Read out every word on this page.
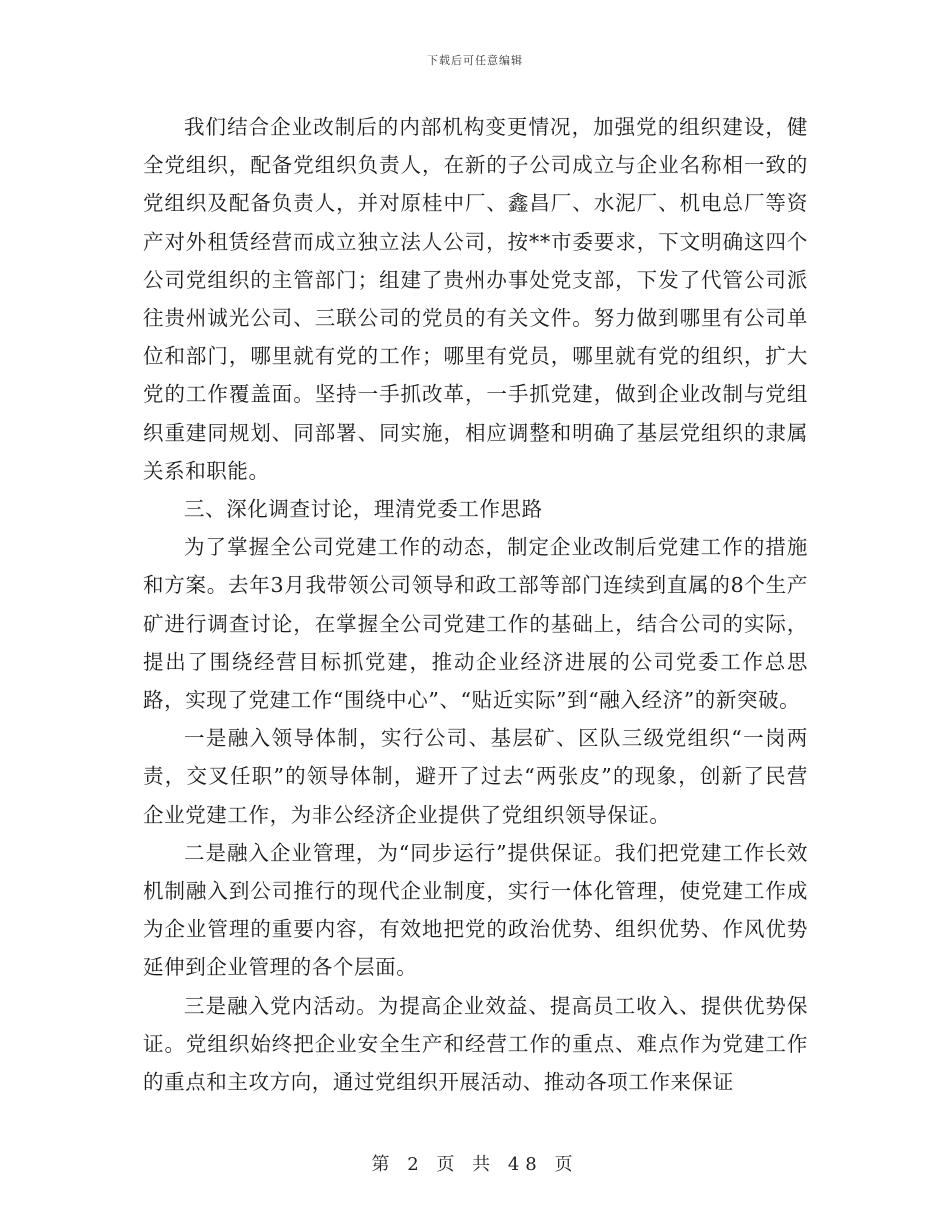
下载后可任意编辑

我们结合企业改制后的内部机构变更情况，加强党的组织建设，健全党组织，配备党组织负责人，在新的子公司成立与企业名称相一致的党组织及配备负责人，并对原桂中厂、鑫昌厂、水泥厂、机电总厂等资产对外租赁经营而成立独立法人公司，按**市委要求，下文明确这四个公司党组织的主管部门；组建了贵州办事处党支部，下发了代管公司派往贵州诚光公司、三联公司的党员的有关文件。努力做到哪里有公司单位和部门，哪里就有党的工作；哪里有党员，哪里就有党的组织，扩大党的工作覆盖面。坚持一手抓改革，一手抓党建，做到企业改制与党组织重建同规划、同部署、同实施，相应调整和明确了基层党组织的隶属关系和职能。

三、深化调查讨论，理清党委工作思路

为了掌握全公司党建工作的动态，制定企业改制后党建工作的措施和方案。去年3月我带领公司领导和政工部等部门连续到直属的8个生产矿进行调查讨论，在掌握全公司党建工作的基础上，结合公司的实际，提出了围绕经营目标抓党建，推动企业经济进展的公司党委工作总思路，实现了党建工作“围绕中心”、“贴近实际”到“融入经济”的新突破。

一是融入领导体制，实行公司、基层矿、区队三级党组织“一岗两责，交叉任职”的领导体制，避开了过去“两张皮”的现象，创新了民营企业党建工作，为非公经济企业提供了党组织领导保证。

二是融入企业管理，为“同步运行”提供保证。我们把党建工作长效机制融入到公司推行的现代企业制度，实行一体化管理，使党建工作成为企业管理的重要内容，有效地把党的政治优势、组织优势、作风优势延伸到企业管理的各个层面。

三是融入党内活动。为提高企业效益、提高员工收入、提供优势保证。党组织始终把企业安全生产和经营工作的重点、难点作为党建工作的重点和主攻方向，通过党组织开展活动、推动各项工作来保证

第 2 页 共 48 页
